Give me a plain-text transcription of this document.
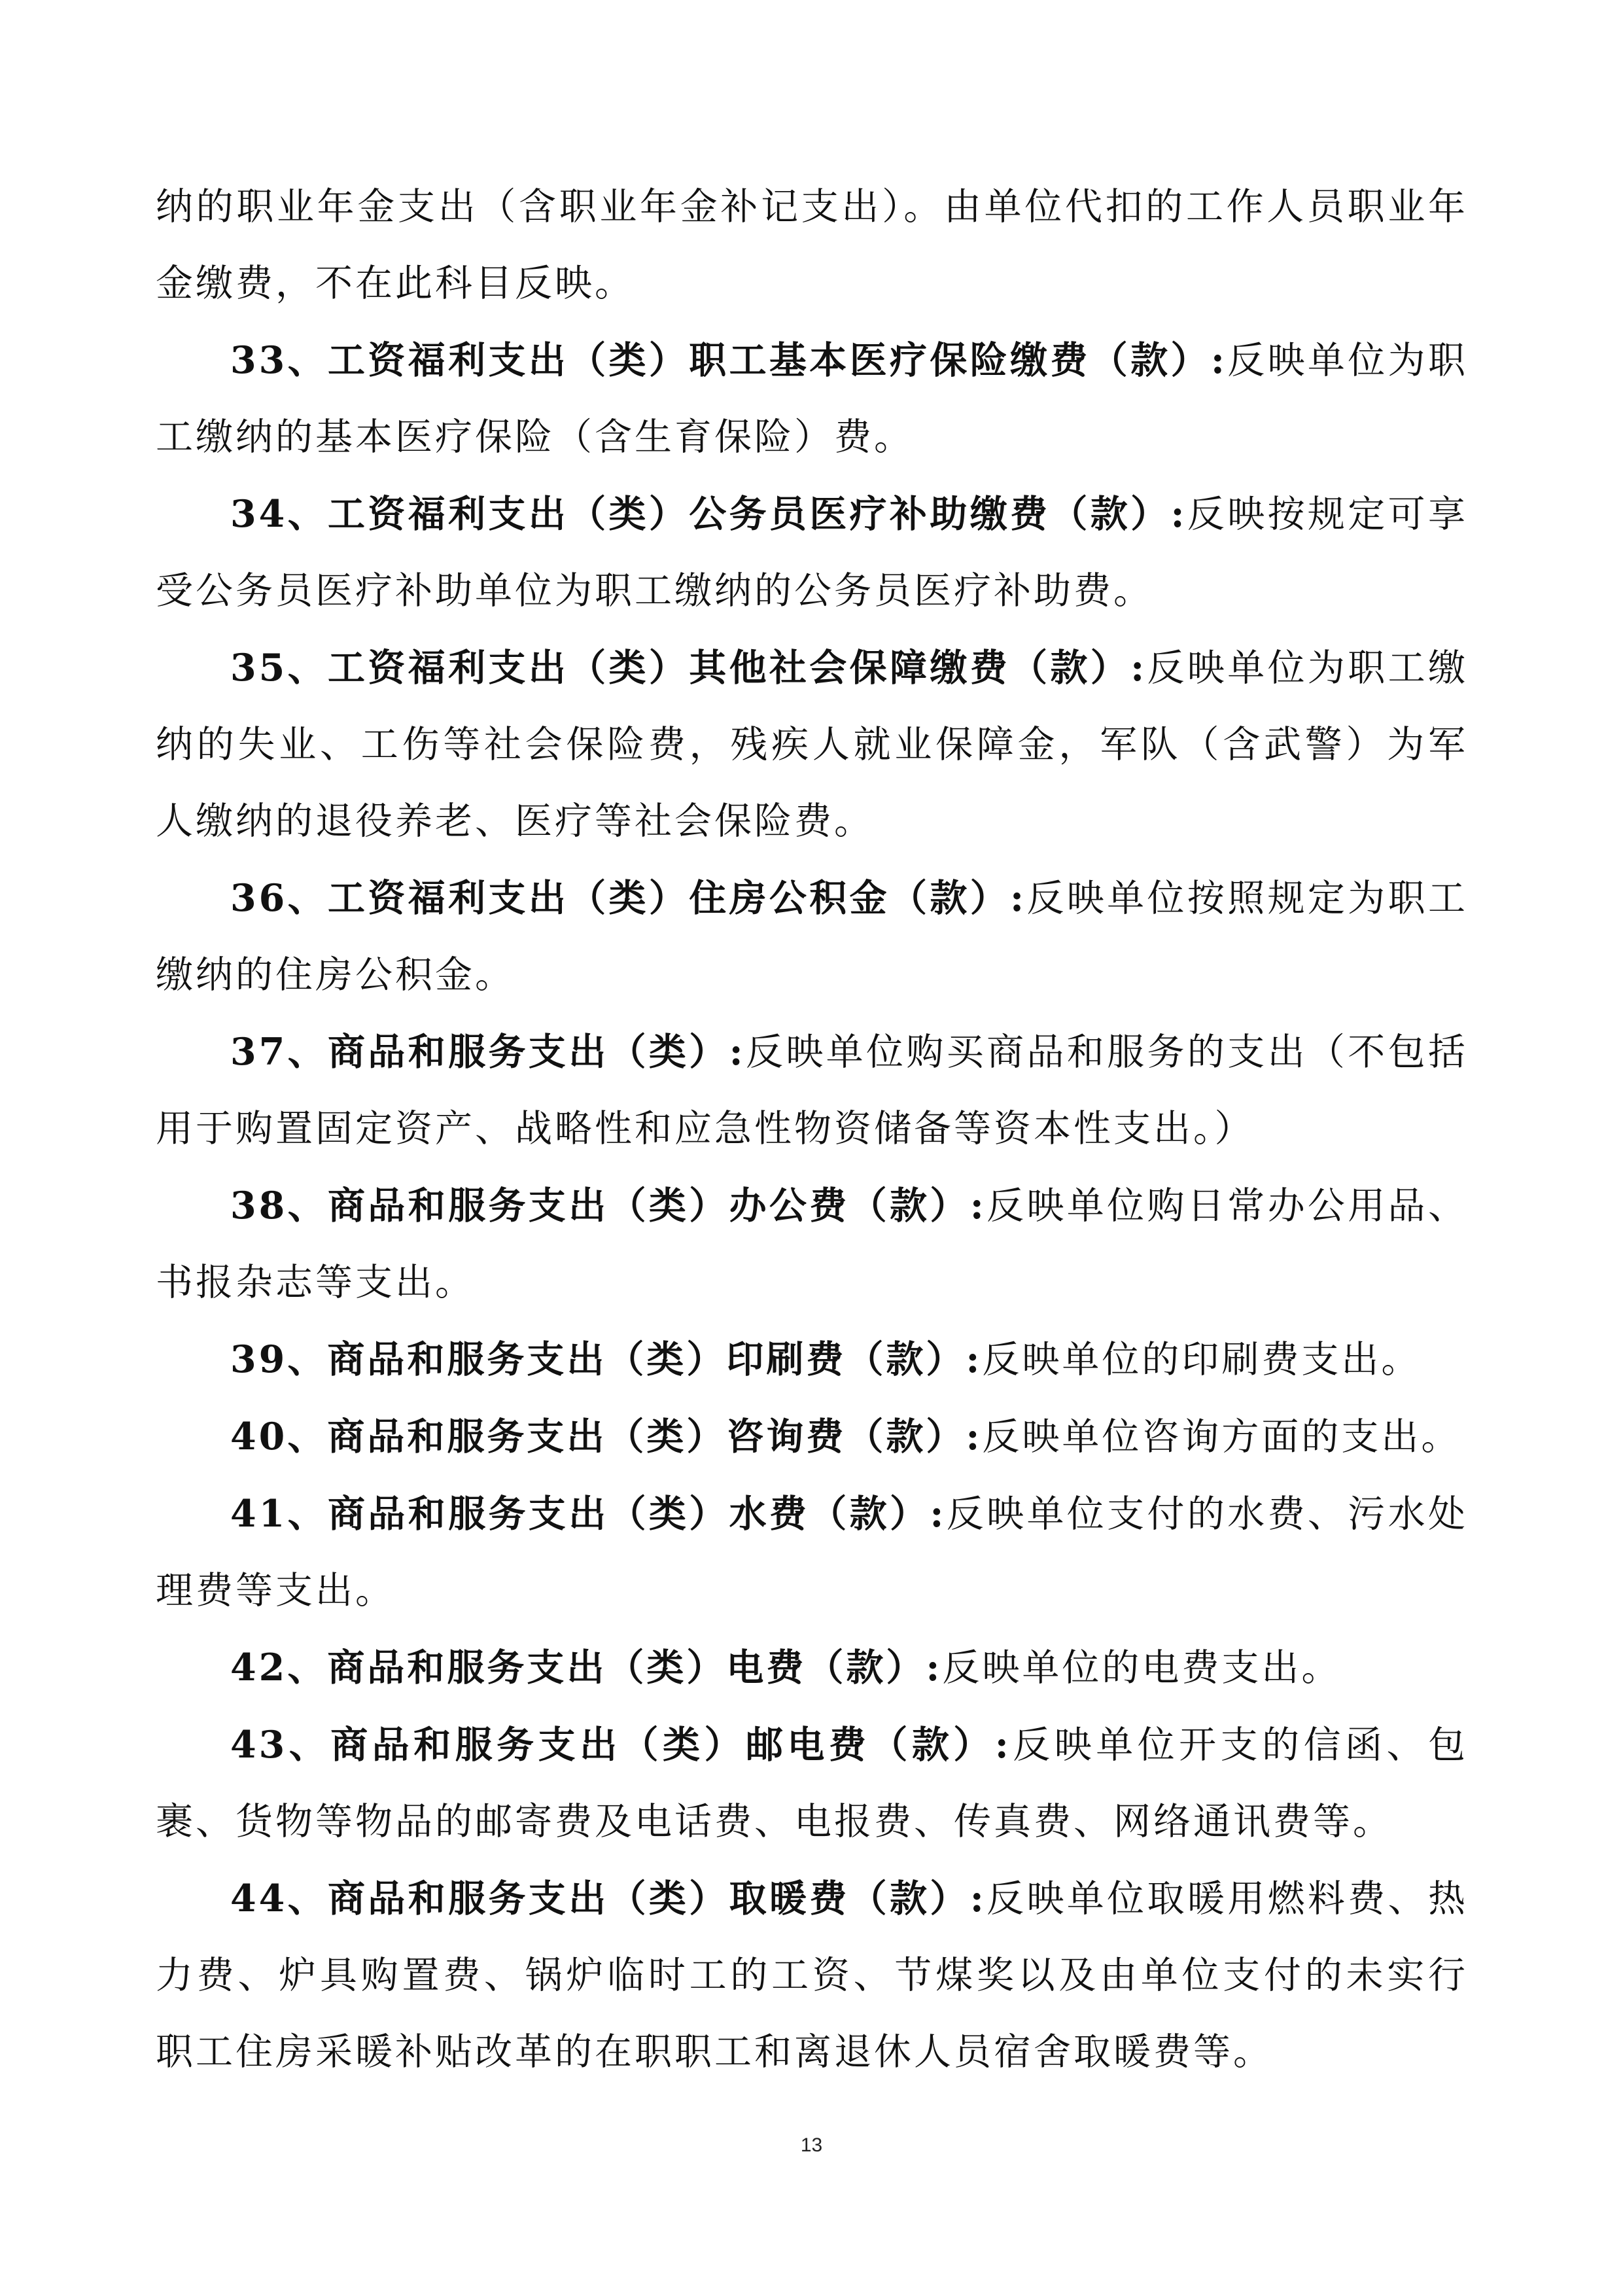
纳的职业年金支出（含职业年金补记支出）。由单位代扣的工作人员职业年金缴费，不在此科目反映。

33、工资福利支出（类）职工基本医疗保险缴费（款）:反映单位为职工缴纳的基本医疗保险（含生育保险）费。

34、工资福利支出（类）公务员医疗补助缴费（款）:反映按规定可享受公务员医疗补助单位为职工缴纳的公务员医疗补助费。

35、工资福利支出（类）其他社会保障缴费（款）:反映单位为职工缴纳的失业、工伤等社会保险费，残疾人就业保障金，军队（含武警）为军人缴纳的退役养老、医疗等社会保险费。

36、工资福利支出（类）住房公积金（款）:反映单位按照规定为职工缴纳的住房公积金。

37、商品和服务支出（类）:反映单位购买商品和服务的支出（不包括用于购置固定资产、战略性和应急性物资储备等资本性支出。）

38、商品和服务支出（类）办公费（款）:反映单位购日常办公用品、书报杂志等支出。

39、商品和服务支出（类）印刷费（款）:反映单位的印刷费支出。

40、商品和服务支出（类）咨询费（款）:反映单位咨询方面的支出。

41、商品和服务支出（类）水费（款）:反映单位支付的水费、污水处理费等支出。

42、商品和服务支出（类）电费（款）:反映单位的电费支出。

43、商品和服务支出（类）邮电费（款）:反映单位开支的信函、包裹、货物等物品的邮寄费及电话费、电报费、传真费、网络通讯费等。

44、商品和服务支出（类）取暖费（款）:反映单位取暖用燃料费、热力费、炉具购置费、锅炉临时工的工资、节煤奖以及由单位支付的未实行职工住房采暖补贴改革的在职职工和离退休人员宿舍取暖费等。

13
